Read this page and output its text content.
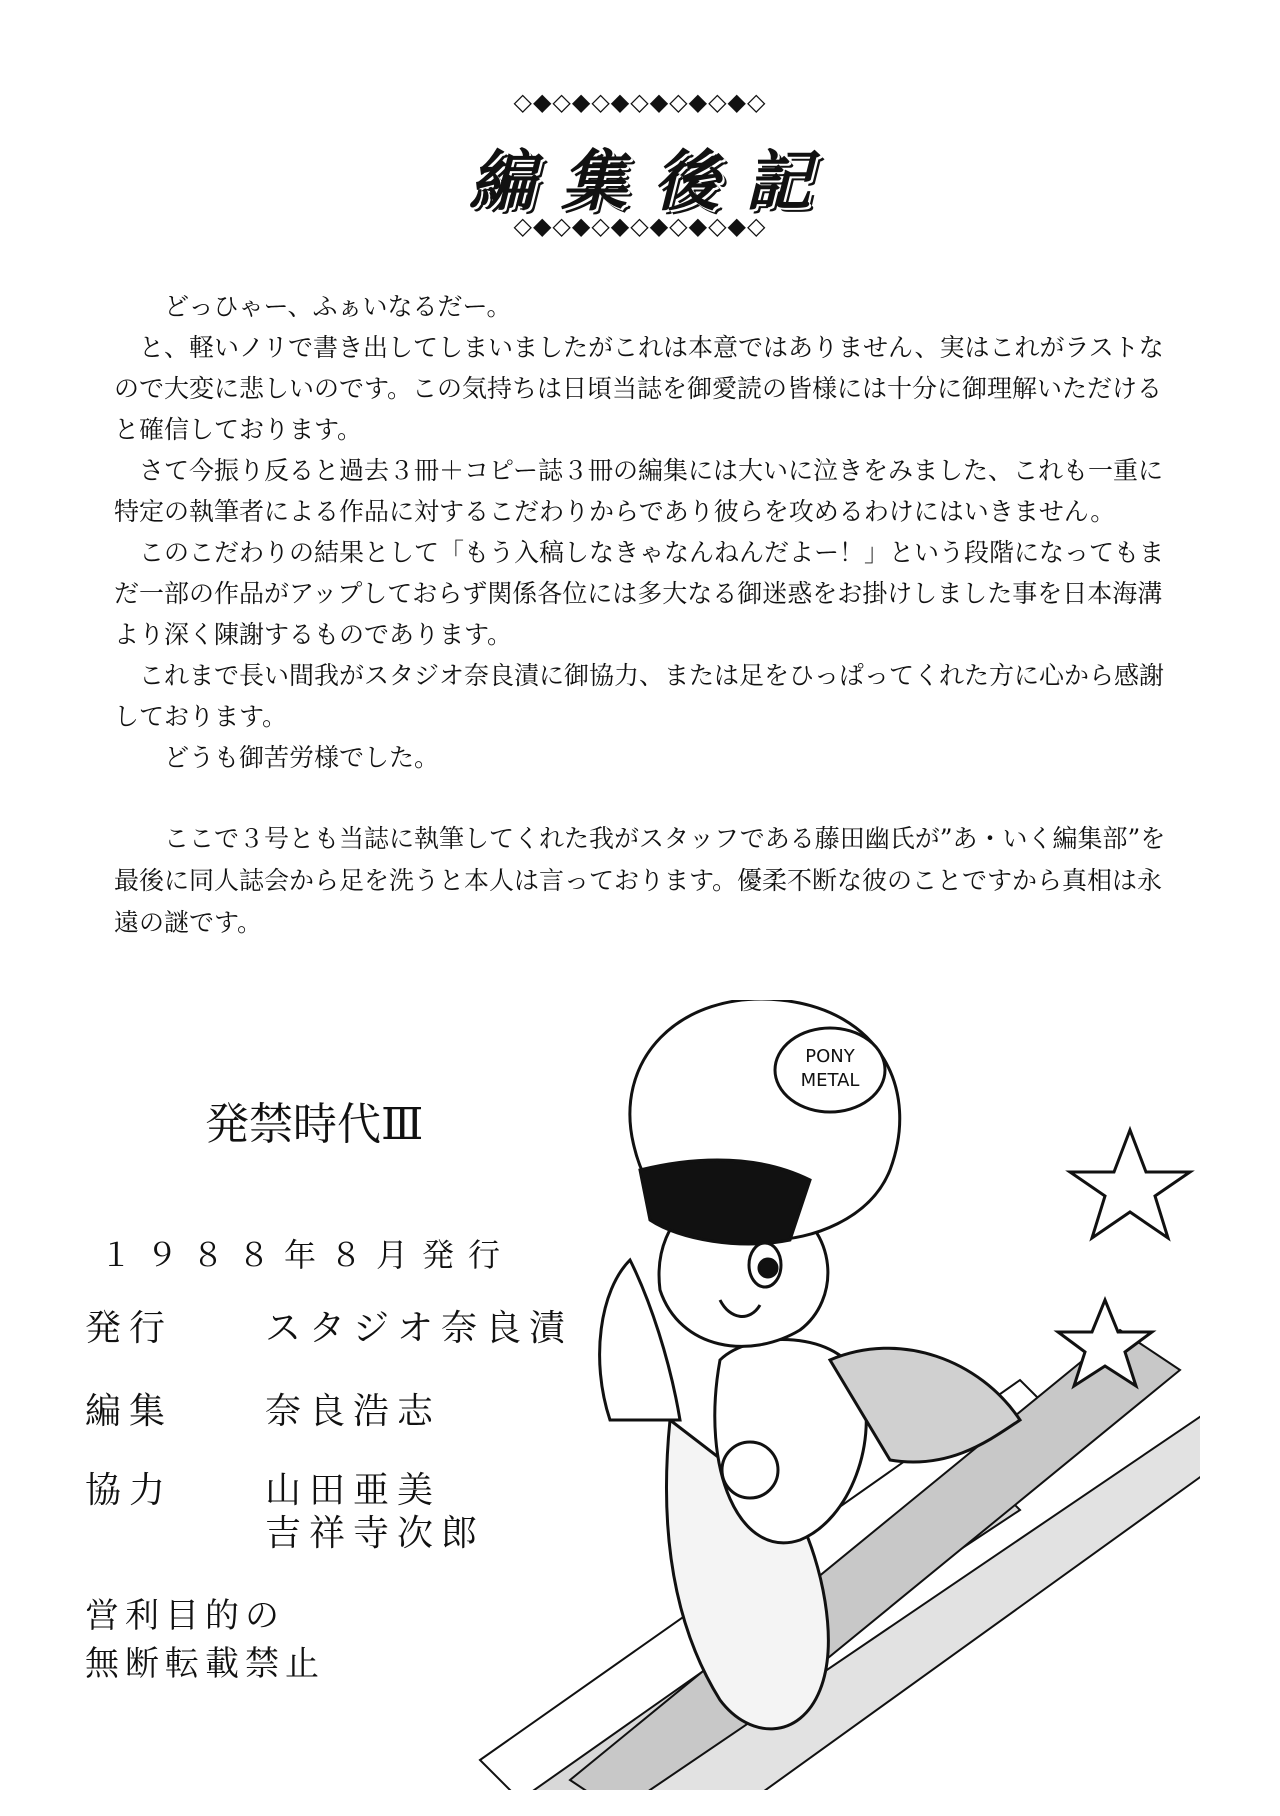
◇◆◇◆◇◆◇◆◇◆◇◆◇
編集後記
◇◆◇◆◇◆◇◆◇◆◇◆◇

どっひゃー、ふぁいなるだー。

と、軽いノリで書き出してしまいましたがこれは本意ではありません、実はこれがラストなので大変に悲しいのです。この気持ちは日頃当誌を御愛読の皆様には十分に御理解いただけると確信しております。

さて今振り反ると過去３冊＋コピー誌３冊の編集には大いに泣きをみました、これも一重に特定の執筆者による作品に対するこだわりからであり彼らを攻めるわけにはいきません。

このこだわりの結果として「もう入稿しなきゃなんねんだよー！」という段階になってもまだ一部の作品がアップしておらず関係各位には多大なる御迷惑をお掛けしました事を日本海溝より深く陳謝するものであります。

これまで長い間我がスタジオ奈良漬に御協力、または足をひっぱってくれた方に心から感謝しております。

どうも御苦労様でした。

ここで３号とも当誌に執筆してくれた我がスタッフである藤田幽氏が”あ・いく編集部”を最後に同人誌会から足を洗うと本人は言っております。優柔不断な彼のことですから真相は永遠の謎です。

PONY
METAL
発禁時代Ⅲ
１９８８年８月発行
発行	スタジオ奈良漬
編集	奈良浩志
協力	山田亜美
吉祥寺次郎
営利目的の
無断転載禁止
